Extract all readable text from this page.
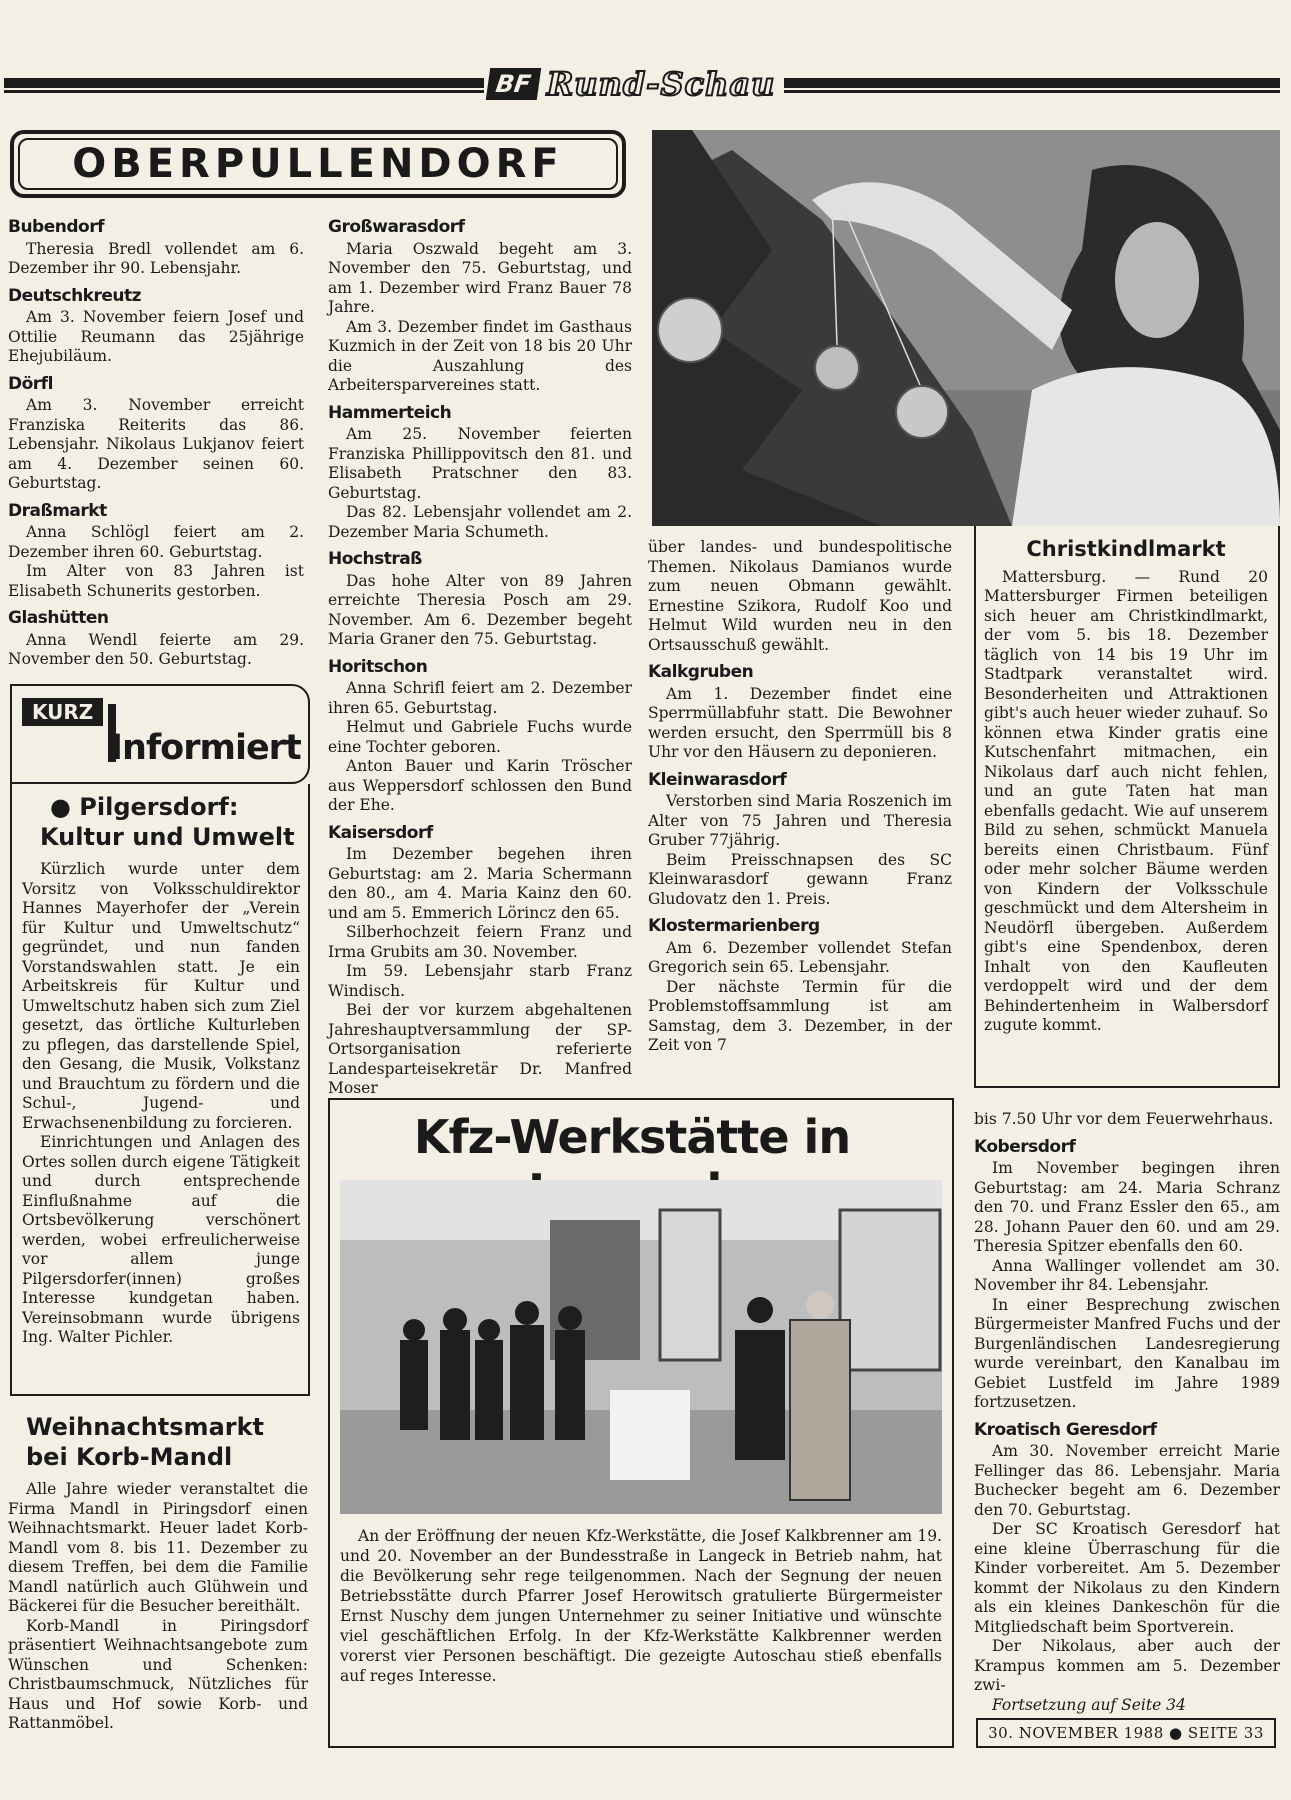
BF Rund-Schau
OBERPULLENDORF
Bubendorf

Theresia Bredl vollendet am 6. Dezember ihr 90. Lebensjahr.

Deutschkreutz

Am 3. November feiern Josef und Ottilie Reumann das 25jährige Ehejubiläum.

Dörfl

Am 3. November erreicht Franziska Reiterits das 86. Lebensjahr. Nikolaus Lukjanov feiert am 4. Dezember seinen 60. Geburtstag.

Draßmarkt

Anna Schlögl feiert am 2. Dezember ihren 60. Geburtstag.

Im Alter von 83 Jahren ist Elisabeth Schunerits gestorben.

Glashütten

Anna Wendl feierte am 29. November den 50. Geburtstag.

KURZ
Informiert

● Pilgersdorf:

Kultur und Umwelt

Kürzlich wurde unter dem Vorsitz von Volksschuldirektor Hannes Mayerhofer der „Verein für Kultur und Umweltschutz“ gegründet, und nun fanden Vorstandswahlen statt. Je ein Arbeitskreis für Kultur und Umweltschutz haben sich zum Ziel gesetzt, das örtliche Kulturleben zu pflegen, das darstellende Spiel, den Gesang, die Musik, Volkstanz und Brauchtum zu fördern und die Schul-, Jugend- und Erwachsenenbildung zu forcieren.

Einrichtungen und Anlagen des Ortes sollen durch eigene Tätigkeit und durch entsprechende Einflußnahme auf die Ortsbevölkerung verschönert werden, wobei erfreulicherweise vor allem junge Pilgersdorfer(innen) großes Interesse kundgetan haben. Vereinsobmann wurde übrigens Ing. Walter Pichler.

Weihnachtsmarkt

bei Korb-Mandl

Alle Jahre wieder veranstaltet die Firma Mandl in Piringsdorf einen Weihnachtsmarkt. Heuer ladet Korb-Mandl vom 8. bis 11. Dezember zu diesem Treffen, bei dem die Familie Mandl natürlich auch Glühwein und Bäckerei für die Besucher bereithält.

Korb-Mandl in Piringsdorf präsentiert Weihnachtsangebote zum Wünschen und Schenken: Christbaumschmuck, Nützliches für Haus und Hof sowie Korb- und Rattanmöbel.

Großwarasdorf

Maria Oszwald begeht am 3. November den 75. Geburtstag, und am 1. Dezember wird Franz Bauer 78 Jahre.

Am 3. Dezember findet im Gasthaus Kuzmich in der Zeit von 18 bis 20 Uhr die Auszahlung des Arbeitersparvereines statt.

Hammerteich

Am 25. November feierten Franziska Phillippovitsch den 81. und Elisabeth Pratschner den 83. Geburtstag.

Das 82. Lebensjahr vollendet am 2. Dezember Maria Schumeth.

Hochstraß

Das hohe Alter von 89 Jahren erreichte Theresia Posch am 29. November. Am 6. Dezember begeht Maria Graner den 75. Geburtstag.

Horitschon

Anna Schrifl feiert am 2. Dezember ihren 65. Geburtstag.

Helmut und Gabriele Fuchs wurde eine Tochter geboren.

Anton Bauer und Karin Tröscher aus Weppersdorf schlossen den Bund der Ehe.

Kaisersdorf

Im Dezember begehen ihren Geburtstag: am 2. Maria Schermann den 80., am 4. Maria Kainz den 60. und am 5. Emmerich Lörincz den 65.

Silberhochzeit feiern Franz und Irma Grubits am 30. November.

Im 59. Lebensjahr starb Franz Windisch.

Bei der vor kurzem abgehaltenen Jahreshauptversammlung der SP-Ortsorganisation referierte Landesparteisekretär Dr. Manfred Moser

über landes- und bundespolitische Themen. Nikolaus Damianos wurde zum neuen Obmann gewählt. Ernestine Szikora, Rudolf Koo und Helmut Wild wurden neu in den Ortsausschuß gewählt.

Kalkgruben

Am 1. Dezember findet eine Sperrmüllabfuhr statt. Die Bewohner werden ersucht, den Sperrmüll bis 8 Uhr vor den Häusern zu deponieren.

Kleinwarasdorf

Verstorben sind Maria Roszenich im Alter von 75 Jahren und Theresia Gruber 77jährig.

Beim Preisschnapsen des SC Kleinwarasdorf gewann Franz Gludovatz den 1. Preis.

Klostermarienberg

Am 6. Dezember vollendet Stefan Gregorich sein 65. Lebensjahr.

Der nächste Termin für die Problemstoffsammlung ist am Samstag, dem 3. Dezember, in der Zeit von 7

Christkindlmarkt

Mattersburg. — Rund 20 Mattersburger Firmen beteiligen sich heuer am Christkindlmarkt, der vom 5. bis 18. Dezember täglich von 14 bis 19 Uhr im Stadtpark veranstaltet wird. Besonderheiten und Attraktionen gibt's auch heuer wieder zuhauf. So können etwa Kinder gratis eine Kutschenfahrt mitmachen, ein Nikolaus darf auch nicht fehlen, und an gute Taten hat man ebenfalls gedacht. Wie auf unserem Bild zu sehen, schmückt Manuela bereits einen Christbaum. Fünf oder mehr solcher Bäume werden von Kindern der Volksschule geschmückt und dem Altersheim in Neudörfl übergeben. Außerdem gibt's eine Spendenbox, deren Inhalt von den Kaufleuten verdoppelt wird und der dem Behindertenheim in Walbersdorf zugute kommt.

Kfz-Werkstätte in

An der Eröffnung der neuen Kfz-Werkstätte, die Josef Kalkbrenner am 19. und 20. November an der Bundesstraße in Langeck in Betrieb nahm, hat die Bevölkerung sehr rege teilgenommen. Nach der Segnung der neuen Betriebsstätte durch Pfarrer Josef Herowitsch gratulierte Bürgermeister Ernst Nuschy dem jungen Unternehmer zu seiner Initiative und wünschte viel geschäftlichen Erfolg. In der Kfz-Werkstätte Kalkbrenner werden vorerst vier Personen beschäftigt. Die gezeigte Autoschau stieß ebenfalls auf reges Interesse.

bis 7.50 Uhr vor dem Feuerwehrhaus.

Kobersdorf

Im November begingen ihren Geburtstag: am 24. Maria Schranz den 70. und Franz Essler den 65., am 28. Johann Pauer den 60. und am 29. Theresia Spitzer ebenfalls den 60.

Anna Wallinger vollendet am 30. November ihr 84. Lebensjahr.

In einer Besprechung zwischen Bürgermeister Manfred Fuchs und der Burgenländischen Landesregierung wurde vereinbart, den Kanalbau im Gebiet Lustfeld im Jahre 1989 fortzusetzen.

Kroatisch Geresdorf

Am 30. November erreicht Marie Fellinger das 86. Lebensjahr. Maria Buchecker begeht am 6. Dezember den 70. Geburtstag.

Der SC Kroatisch Geresdorf hat eine kleine Überraschung für die Kinder vorbereitet. Am 5. Dezember kommt der Nikolaus zu den Kindern als ein kleines Dankeschön für die Mitgliedschaft beim Sportverein.

Der Nikolaus, aber auch der Krampus kommen am 5. Dezember zwi-

Fortsetzung auf Seite 34

30. NOVEMBER 1988 ● SEITE 33
